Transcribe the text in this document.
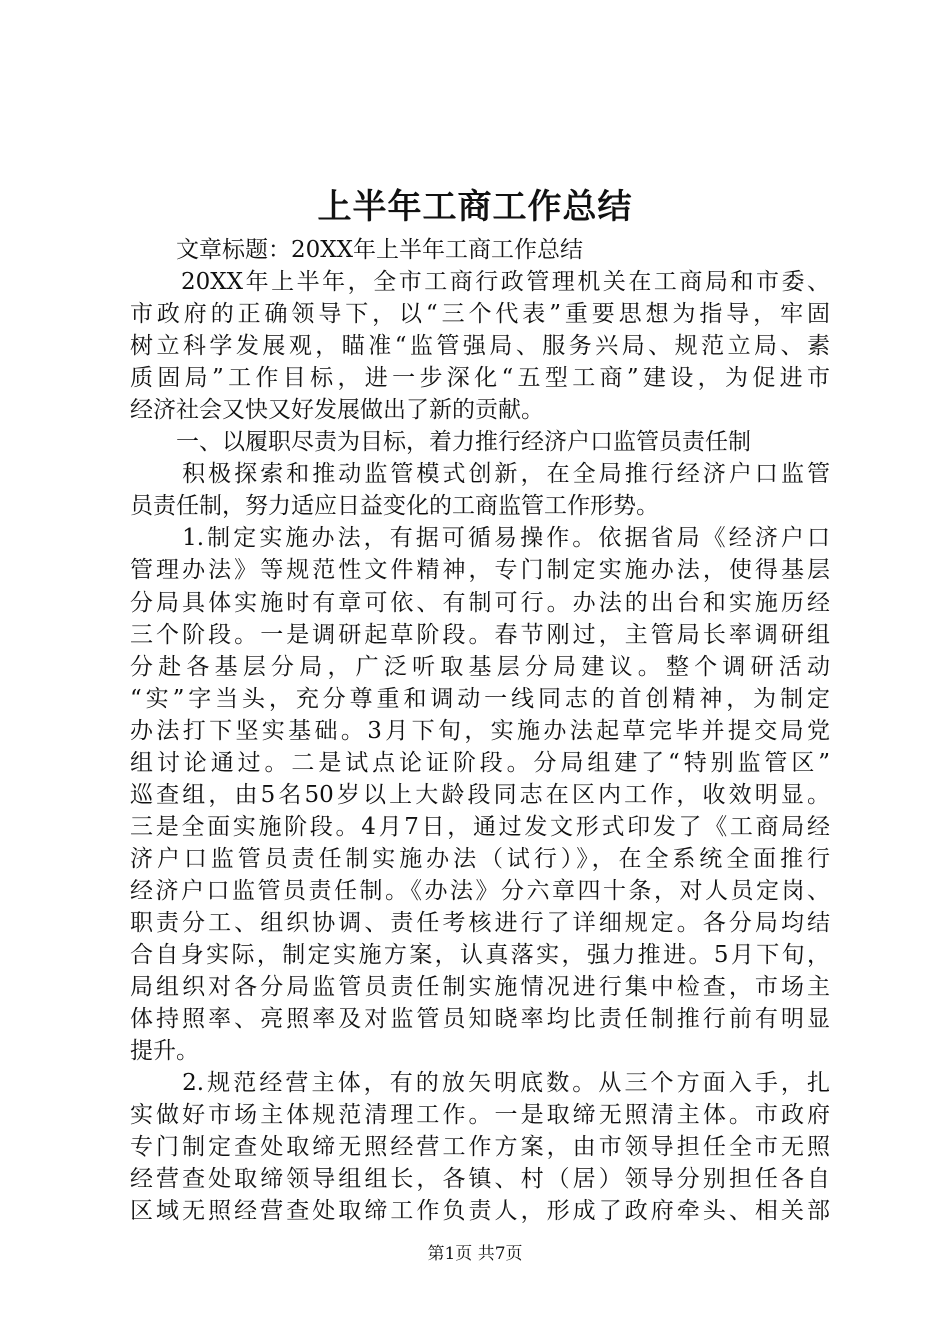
上半年工商工作总结
　　文章标题：20XX年上半年工商工作总结
　　20XX年上半年，全市工商行政管理机关在工商局和市委、
市政府的正确领导下，以“三个代表”重要思想为指导，牢固
树立科学发展观，瞄准“监管强局、服务兴局、规范立局、素
质固局”工作目标，进一步深化“五型工商”建设，为促进市
经济社会又快又好发展做出了新的贡献。
　　一、以履职尽责为目标，着力推行经济户口监管员责任制
　　积极探索和推动监管模式创新，在全局推行经济户口监管
员责任制，努力适应日益变化的工商监管工作形势。
　　1.制定实施办法，有据可循易操作。依据省局《经济户口
管理办法》等规范性文件精神，专门制定实施办法，使得基层
分局具体实施时有章可依、有制可行。办法的出台和实施历经
三个阶段。一是调研起草阶段。春节刚过，主管局长率调研组
分赴各基层分局，广泛听取基层分局建议。整个调研活动
“实”字当头，充分尊重和调动一线同志的首创精神，为制定
办法打下坚实基础。3月下旬，实施办法起草完毕并提交局党
组讨论通过。二是试点论证阶段。分局组建了“特别监管区”
巡查组，由5名50岁以上大龄段同志在区内工作，收效明显。
三是全面实施阶段。4月7日，通过发文形式印发了《工商局经
济户口监管员责任制实施办法（试行）》，在全系统全面推行
经济户口监管员责任制。《办法》分六章四十条，对人员定岗、
职责分工、组织协调、责任考核进行了详细规定。各分局均结
合自身实际，制定实施方案，认真落实，强力推进。5月下旬，
局组织对各分局监管员责任制实施情况进行集中检查，市场主
体持照率、亮照率及对监管员知晓率均比责任制推行前有明显
提升。
　　2.规范经营主体，有的放矢明底数。从三个方面入手，扎
实做好市场主体规范清理工作。一是取缔无照清主体。市政府
专门制定查处取缔无照经营工作方案，由市领导担任全市无照
经营查处取缔领导组组长，各镇、村（居）领导分别担任各自
区域无照经营查处取缔工作负责人，形成了政府牵头、相关部
第1页 共7页
